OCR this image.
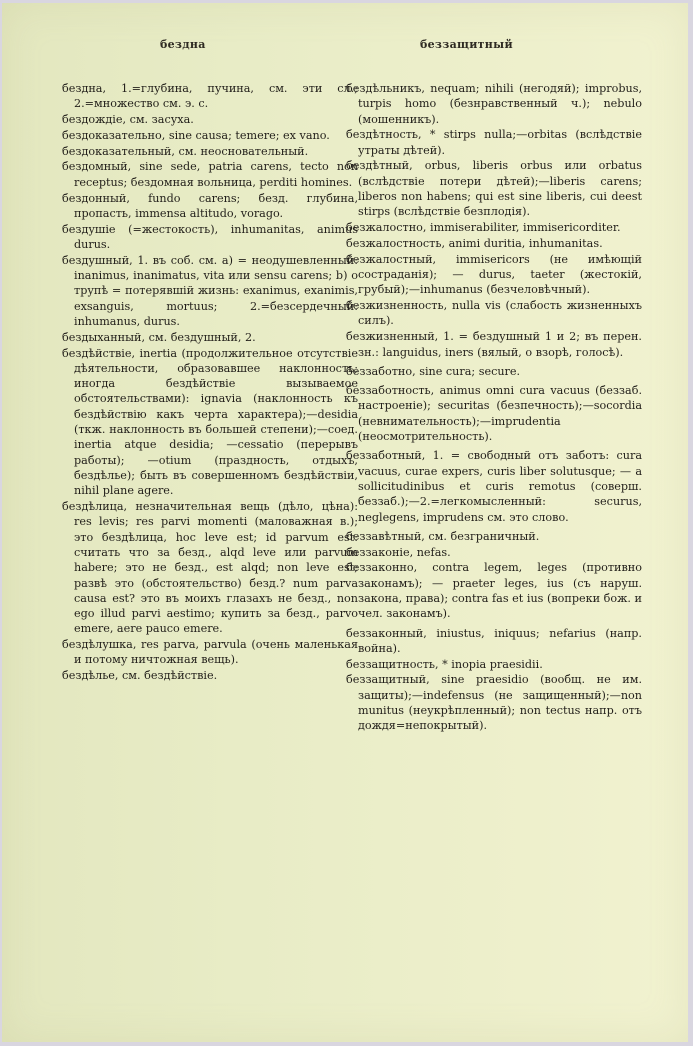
бездна	беззащитный

бездна, 1.=глубина, пучина, см. эти сл.; 2.=множество см. э. с.

бездождіе, см. засуха.

бездоказательно, sine causa; temere; ex vano.

бездоказательный, см. неосновательный.

бездомный, sine sede, patria carens, tecto non receptus; бездомная вольница, perditi homines.

бездонный, fundo carens; безд. глубина, пропасть, immensa altitudo, vorago.

бездушіе (=жестокость), inhumanitas, animus durus.

бездушный, 1. въ соб. см. a) = неодушевленный: inanimus, inanimatus, vita или sensu carens; b) о трупѣ = потерявшій жизнь: exanimus, exanimis, exsanguis, mortuus; 2.=безсердечный: inhumanus, durus.

бездыханный, см. бездушный, 2.

бездѣйствіе, inertia (продолжительное отсутствіе дѣятельности, образовавшее наклонность; иногда бездѣйствіе вызываемое обстоятельствами): ignavia (наклонность къ бездѣйствію какъ черта характера);—desidia (ткж. наклонность въ большей степени);—соед. inertia atque desidia; —cessatio (перерывъ работы); —otium (праздность, отдыхъ, бездѣлье); быть въ совершенномъ бездѣйствіи, nihil plane agere.

бездѣлица, незначительная вещь (дѣло, цѣна): res levis; res parvi momenti (маловажная в.); это бездѣлица, hoc leve est; id parvum est: считать что за безд., alqd leve или parvum habere; это не безд., est alqd; non leve est; развѣ это (обстоятельство) безд.? num parva causa est? это въ моихъ глазахъ не безд., non ego illud parvi aestimo; купить за безд., parvo emere, aere pauco emere.

бездѣлушка, res parva, parvula (очень маленькая и потому ничтожная вещь).

бездѣлье, см. бездѣйствіе.

бездѣльникъ, nequam; nihili (негодяй); improbus, turpis homo (безнравственный ч.); nebulo (мошенникъ).

бездѣтность, * stirps nulla;—orbitas (вслѣдствіе утраты дѣтей).

бездѣтный, orbus, liberis orbus или orbatus (вслѣдствіе потери дѣтей);—liberis carens; liberos non habens; qui est sine liberis, cui deest stirps (вслѣдствіе безплодія).

безжалостно, immiserabiliter, immisericorditer.

безжалостность, animi duritia, inhumanitas.

безжалостный, immisericors (не имѣющій состраданія); — durus, taeter (жестокій, грубый);—inhumanus (безчеловѣчный).

безжизненность, nulla vis (слабость жизненныхъ силъ).

безжизненный, 1. = бездушный 1 и 2; въ перен. зн.: languidus, iners (вялый, о взорѣ, голосѣ).

беззаботно, sine cura; secure.

беззаботность, animus omni cura vacuus (беззаб. настроеніе); securitas (безпечность);—socordia (невнимательность);—imprudentia (неосмотрительность).

беззаботный, 1. = свободный отъ заботъ: cura vacuus, curae expers, curis liber solutusque; — a sollicitudinibus et curis remotus (соверш. беззаб.);—2.=легкомысленный: securus, neglegens, imprudens см. это слово.

беззавѣтный, см. безграничный.

беззаконіе, nefas.

беззаконно, contra legem, leges (противно законамъ); — praeter leges, ius (съ наруш. закона, права); contra fas et ius (вопреки бож. и чел. законамъ).

беззаконный, iniustus, iniquus; nefarius (напр. война).

беззащитность, * inopia praesidii.

беззащитный, sine praesidio (вообщ. не им. защиты);—indefensus (не защищенный);—non munitus (неукрѣпленный); non tectus напр. отъ дождя=непокрытый).
